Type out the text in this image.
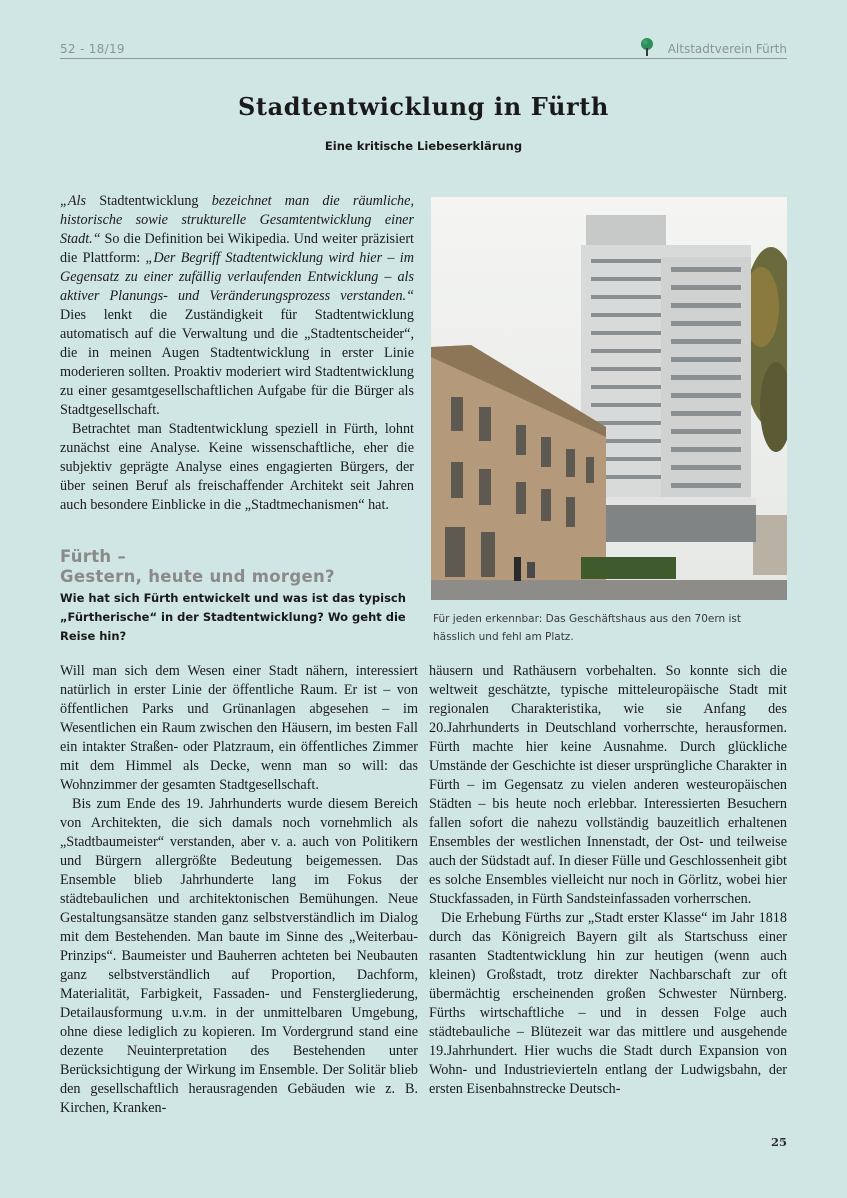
52 - 18/19	Altstadtverein Fürth
Stadtentwicklung in Fürth
Eine kritische Liebeserklärung

„Als Stadtentwicklung bezeichnet man die räumliche, historische sowie strukturelle Gesamtentwicklung einer Stadt.“ So die Definition bei Wikipedia. Und weiter präzisiert die Plattform: „Der Begriff Stadtentwicklung wird hier – im Gegensatz zu einer zufällig verlaufenden Entwicklung – als aktiver Planungs- und Veränderungsprozess verstanden.“ Dies lenkt die Zuständigkeit für Stadtentwicklung automatisch auf die Verwaltung und die „Stadtentscheider“, die in meinen Augen Stadtentwicklung in erster Linie moderieren sollten. Proaktiv moderiert wird Stadtentwicklung zu einer gesamtgesellschaftlichen Aufgabe für die Bürger als Stadtgesellschaft.

Betrachtet man Stadtentwicklung speziell in Fürth, lohnt zunächst eine Analyse. Keine wissenschaftliche, eher die subjektiv geprägte Analyse eines engagierten Bürgers, der über seinen Beruf als freischaffender Architekt seit Jahren auch besondere Einblicke in die „Stadtmechanismen“ hat.

Für jeden erkennbar: Das Geschäftshaus aus den 70ern ist hässlich und fehl am Platz.
Fürth –
Gestern, heute und morgen?
Wie hat sich Fürth entwickelt und was ist das typisch „Fürtherische“ in der Stadtentwicklung? Wo geht die Reise hin?

Will man sich dem Wesen einer Stadt nähern, interessiert natürlich in erster Linie der öffentliche Raum. Er ist – von öffentlichen Parks und Grünanlagen abgesehen – im Wesentlichen ein Raum zwischen den Häusern, im besten Fall ein intakter Straßen- oder Platzraum, ein öffentliches Zimmer mit dem Himmel als Decke, wenn man so will: das Wohnzimmer der gesamten Stadtgesellschaft.

Bis zum Ende des 19. Jahrhunderts wurde diesem Bereich von Architekten, die sich damals noch vornehmlich als „Stadtbaumeister“ verstanden, aber v. a. auch von Politikern und Bürgern allergrößte Bedeutung beigemessen. Das Ensemble blieb Jahrhunderte lang im Fokus der städtebaulichen und architektonischen Bemühungen. Neue Gestaltungsansätze standen ganz selbstverständlich im Dialog mit dem Bestehenden. Man baute im Sinne des „Weiterbau-Prinzips“. Baumeister und Bauherren achteten bei Neubauten ganz selbstverständlich auf Proportion, Dachform, Materialität, Farbigkeit, Fassaden- und Fenstergliederung, Detailausformung u.v.m. in der unmittelbaren Umgebung, ohne diese lediglich zu kopieren. Im Vordergrund stand eine dezente Neuinterpretation des Bestehenden unter Berücksichtigung der Wirkung im Ensemble. Der Solitär blieb den gesellschaftlich herausragenden Gebäuden wie z. B. Kirchen, Kranken-

häusern und Rathäusern vorbehalten. So konnte sich die weltweit geschätzte, typische mitteleuropäische Stadt mit regionalen Charakteristika, wie sie Anfang des 20.Jahrhunderts in Deutschland vorherrschte, herausformen. Fürth machte hier keine Ausnahme. Durch glückliche Umstände der Geschichte ist dieser ursprüngliche Charakter in Fürth – im Gegensatz zu vielen anderen westeuropäischen Städten – bis heute noch erlebbar. Interessierten Besuchern fallen sofort die nahezu vollständig bauzeitlich erhaltenen Ensembles der westlichen Innenstadt, der Ost- und teilweise auch der Südstadt auf. In dieser Fülle und Geschlossenheit gibt es solche Ensembles vielleicht nur noch in Görlitz, wobei hier Stuckfassaden, in Fürth Sandsteinfassaden vorherrschen.

Die Erhebung Fürths zur „Stadt erster Klasse“ im Jahr 1818 durch das Königreich Bayern gilt als Startschuss einer rasanten Stadtentwicklung hin zur heutigen (wenn auch kleinen) Großstadt, trotz direkter Nachbarschaft zur oft übermächtig erscheinenden großen Schwester Nürnberg. Fürths wirtschaftliche – und in dessen Folge auch städtebauliche – Blütezeit war das mittlere und ausgehende 19.Jahrhundert. Hier wuchs die Stadt durch Expansion von Wohn- und Industrievierteln entlang der Ludwigsbahn, der ersten Eisenbahnstrecke Deutsch-

25
